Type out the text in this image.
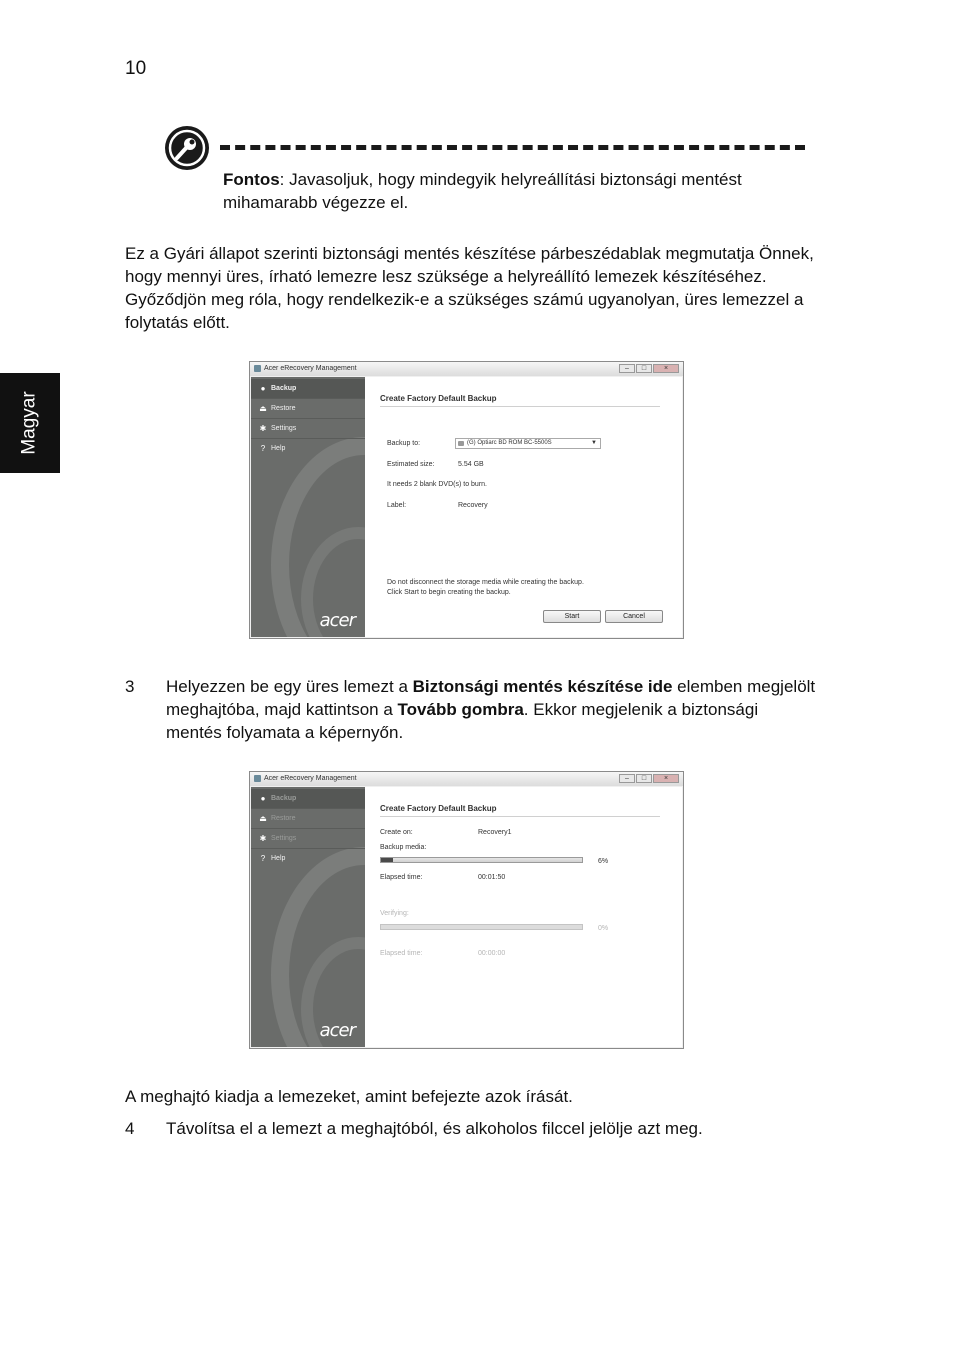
10
Magyar
Fontos: Javasoljuk, hogy mindegyik helyreállítási biztonsági mentést mihamarabb végezze el.
Ez a Gyári állapot szerinti biztonsági mentés készítése párbeszédablak megmutatja Önnek, hogy mennyi üres, írható lemezre lesz szüksége a helyreállító lemezek készítéséhez. Győződjön meg róla, hogy rendelkezik-e a szükséges számú ugyanolyan, üres lemezzel a folytatás előtt.
Acer eRecovery Management	–	□	×
● Backup
⏏ Restore
✱ Settings
? Help
acer
Create Factory Default Backup
Backup to:	(G) Optiarc BD ROM BC-5500S	▼
Estimated size:	5.54 GB
It needs 2 blank DVD(s) to burn.
Label:	Recovery
Do not disconnect the storage media while creating the backup.
Click Start to begin creating the backup.
Start	Cancel
3 Helyezzen be egy üres lemezt a Biztonsági mentés készítése ide elemben megjelölt meghajtóba, majd kattintson a Tovább gombra. Ekkor megjelenik a biztonsági mentés folyamata a képernyőn.
Acer eRecovery Management	–	□	×
● Backup
⏏ Restore
✱ Settings
? Help
acer
Create Factory Default Backup
Create on:	Recovery1
Backup media:
6%
Elapsed time:	00:01:50
Verifying:
0%
Elapsed time:	00:00:00
A meghajtó kiadja a lemezeket, amint befejezte azok írását.
4 Távolítsa el a lemezt a meghajtóból, és alkoholos filccel jelölje azt meg.
